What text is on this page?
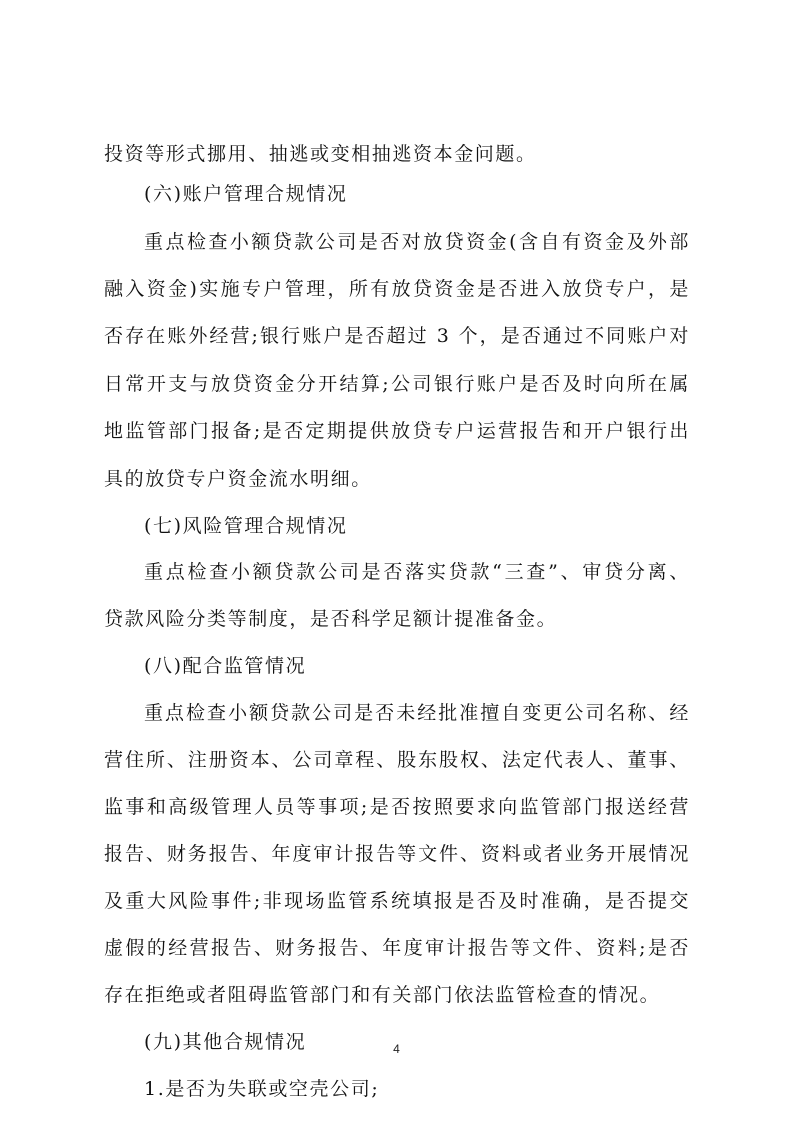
投资等形式挪用、抽逃或变相抽逃资本金问题。
(六)账户管理合规情况
重点检查小额贷款公司是否对放贷资金(含自有资金及外部
融入资金)实施专户管理，所有放贷资金是否进入放贷专户，是
否存在账外经营;银行账户是否超过 3 个，是否通过不同账户对
日常开支与放贷资金分开结算;公司银行账户是否及时向所在属
地监管部门报备;是否定期提供放贷专户运营报告和开户银行出
具的放贷专户资金流水明细。
(七)风险管理合规情况
重点检查小额贷款公司是否落实贷款“三查”、审贷分离、
贷款风险分类等制度，是否科学足额计提准备金。
(八)配合监管情况
重点检查小额贷款公司是否未经批准擅自变更公司名称、经
营住所、注册资本、公司章程、股东股权、法定代表人、董事、
监事和高级管理人员等事项;是否按照要求向监管部门报送经营
报告、财务报告、年度审计报告等文件、资料或者业务开展情况
及重大风险事件;非现场监管系统填报是否及时准确，是否提交
虚假的经营报告、财务报告、年度审计报告等文件、资料;是否
存在拒绝或者阻碍监管部门和有关部门依法监管检查的情况。
(九)其他合规情况
1.是否为失联或空壳公司;
4
